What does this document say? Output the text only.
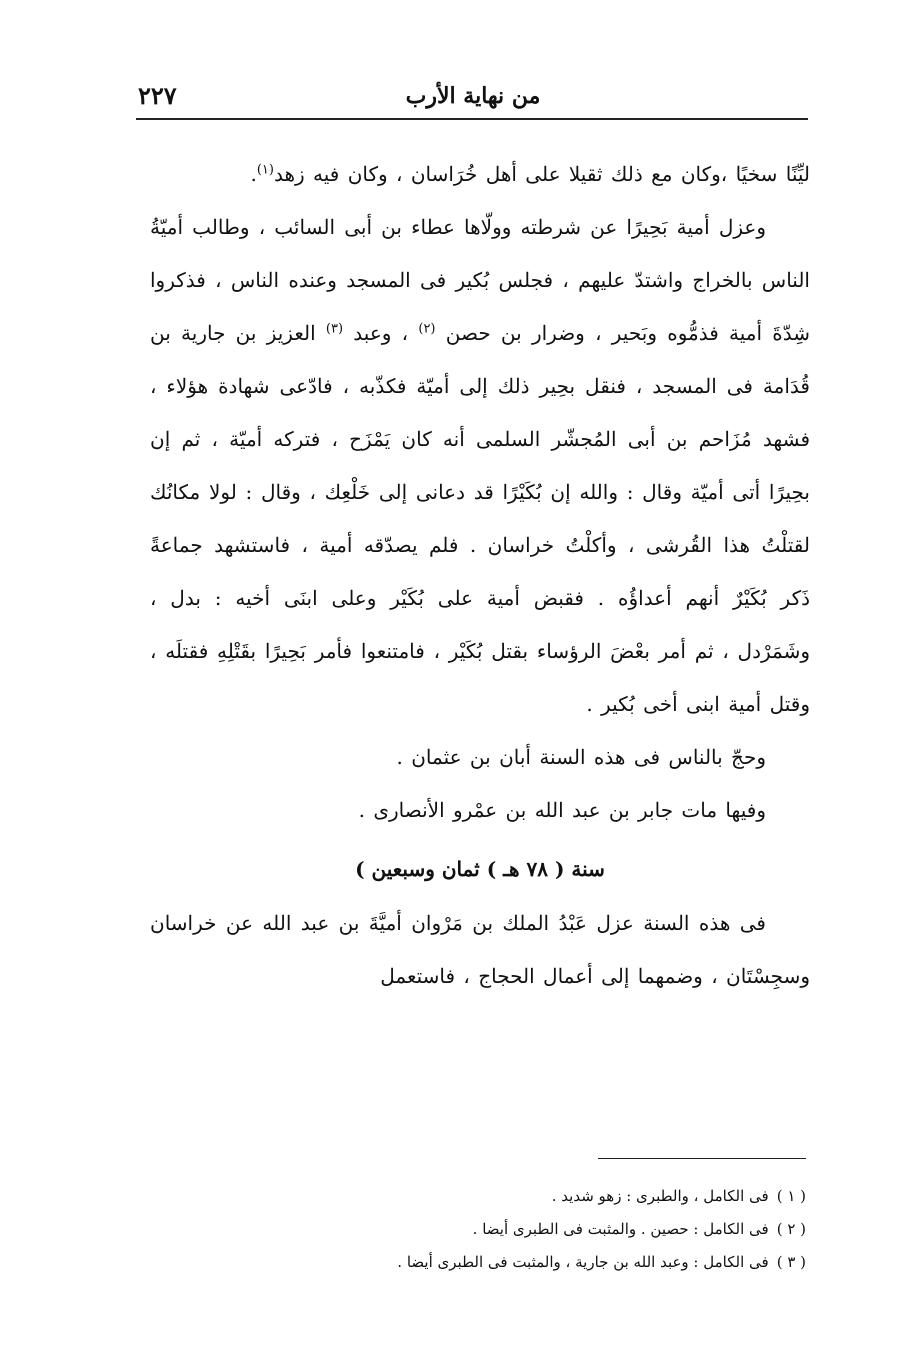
من نهاية الأرب
٢٢٧

ليِّنًا سخيًا ،وكان مع ذلك ثقيلا على أهل خُرَاسان ، وكان فيه زهد$^{(١)}$.

وعزل أمية بَحِيرًا عن شرطته وولّاها عطاء بن أبى السائب ، وطالب أميّةُ الناس بالخراج واشتدّ عليهم ، فجلس بُكير فى المسجد وعنده الناس ، فذكروا شِدّةَ أمية فذمُّوه وبَحير ، وضرار بن حصن $^{(٢)}$ ، وعبد $^{(٣)}$ العزيز بن جارية بن قُدَامة فى المسجد ، فنقل بحِير ذلك إلى أميّة فكذّبه ، فادّعى شهادة هؤلاء ، فشهد مُزَاحم بن أبى المُجشّر السلمى أنه كان يَمْزَح ، فتركه أميّة ، ثم إن بحِيرًا أتى أميّة وقال : والله إن بُكَيْرًا قد دعانى إلى خَلْعِك ، وقال : لولا مكانُك لقتلْتُ هذا القُرشى ، وأكلْتُ خراسان . فلم يصدّقه أمية ، فاستشهد جماعةً ذَكر بُكَيْرٌ أنهم أعداؤُه . فقبض أمية على بُكَيْر وعلى ابنَى أخيه : بدل ، وشَمَرْدل ، ثم أمر بعْضَ الرؤساء بقتل بُكَيْر ، فامتنعوا فأمر بَحِيرًا بقَتْلِهِ فقتلَه ، وقتل أمية ابنى أخى بُكير .

وحجّ بالناس فى هذه السنة أبان بن عثمان .

وفيها مات جابر بن عبد الله بن عمْرو الأنصارى .

سنة ( ٧٨ هـ ) ثمان وسبعين )

فى هذه السنة عزل عَبْدُ الملك بن مَرْوان أميَّةَ بن عبد الله عن خراسان وسجِسْتَان ، وضمهما إلى أعمال الحجاج ، فاستعمل

( ١ )فى الكامل ، والطبرى : زهو شديد .

( ٢ )فى الكامل : حصين . والمثبت فى الطبرى أيضا .

( ٣ )فى الكامل : وعبد الله بن جارية ، والمثبت فى الطبرى أيضا .
